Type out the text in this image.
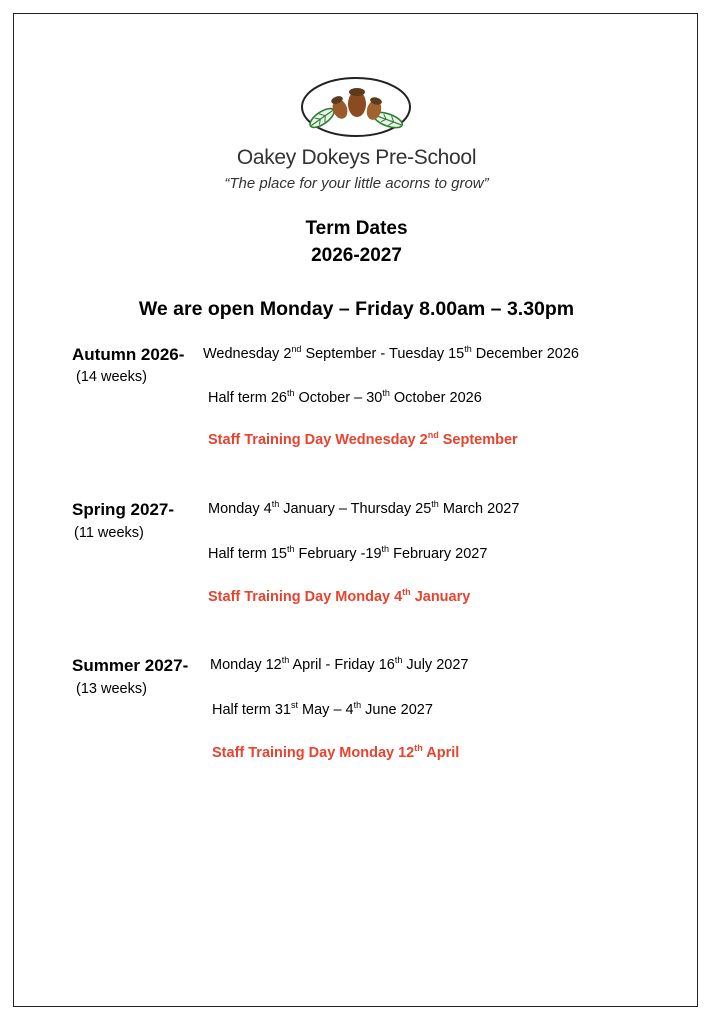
Oakey Dokeys Pre-School
“The place for your little acorns to grow”
Term Dates
2026-2027
We are open Monday – Friday 8.00am – 3.30pm
Autumn 2026-
(14 weeks)
Wednesday 2nd September - Tuesday 15th December 2026
Half term 26th October – 30th October 2026
Staff Training Day Wednesday 2nd September
Spring 2027-
(11 weeks)
Monday 4th January – Thursday 25th March 2027
Half term 15th February -19th February 2027
Staff Training Day Monday 4th January
Summer 2027-
(13 weeks)
Monday 12th April - Friday 16th July 2027
Half term 31st May – 4th June 2027
Staff Training Day Monday 12th April
